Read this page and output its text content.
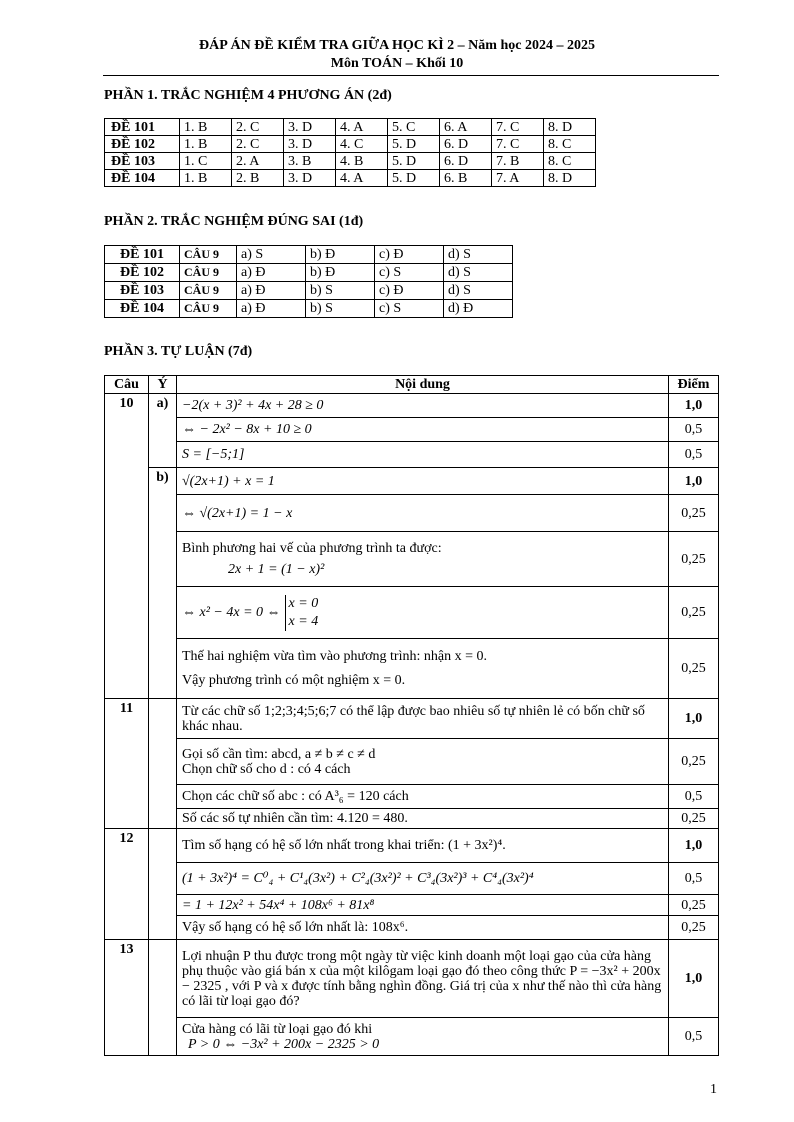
ĐÁP ÁN ĐỀ KIỂM TRA GIỮA HỌC KÌ 2 – Năm học 2024 – 2025
Môn TOÁN – Khối 10
PHẦN 1. TRẮC NGHIỆM 4 PHƯƠNG ÁN (2đ)
ĐỀ 101	1. B	2. C	3. D	4. A	5. C	6. A	7. C	8. D
ĐỀ 102	1. B	2. C	3. D	4. C	5. D	6. D	7. C	8. C
ĐỀ 103	1. C	2. A	3. B	4. B	5. D	6. D	7. B	8. C
ĐỀ 104	1. B	2. B	3. D	4. A	5. D	6. B	7. A	8. D
PHẦN 2. TRẮC NGHIỆM ĐÚNG SAI (1đ)
ĐỀ 101	CÂU 9	a) S	b) Đ	c) Đ	d) S
ĐỀ 102	CÂU 9	a) Đ	b) Đ	c) S	d) S
ĐỀ 103	CÂU 9	a) Đ	b) S	c) Đ	d) S
ĐỀ 104	CÂU 9	a) Đ	b) S	c) S	d) Đ
PHẦN 3. TỰ LUẬN (7đ)
Câu	Ý	Nội dung	Điểm
10	a)	−2(x + 3)² + 4x + 28 ≥ 0	1,0
		⇔ − 2x² − 8x + 10 ≥ 0	0,5
		S = [−5;1]	0,5
	b)	√(2x+1) + x = 1	1,0
		⇔ √(2x+1) = 1 − x	0,25

		Bình phương hai vế của phương trình ta được:
2x + 1 = (1 − x)²	0,25

		⇔ x² − 4x = 0 ⇔
x = 0
x = 4	0,25

		Thế hai nghiệm vừa tìm vào phương trình: nhận x = 0.
Vậy phương trình có một nghiệm x = 0.	0,25
11		Từ các chữ số 1;2;3;4;5;6;7 có thể lập được bao nhiêu số tự nhiên lẻ có bốn chữ số khác nhau.	1,0

		Gọi số cần tìm: abcd, a ≠ b ≠ c ≠ d
Chọn chữ số cho d : có 4 cách	0,25
		Chọn các chữ số abc : có A³₆ = 120 cách	0,5
		Số các số tự nhiên cần tìm: 4.120 = 480.	0,25
12		Tìm số hạng có hệ số lớn nhất trong khai triển: (1 + 3x²)⁴.	1,0
		(1 + 3x²)⁴ = C⁰₄ + C¹₄(3x²) + C²₄(3x²)² + C³₄(3x²)³ + C⁴₄(3x²)⁴	0,5
		= 1 + 12x² + 54x⁴ + 108x⁶ + 81x⁸	0,25
		Vậy số hạng có hệ số lớn nhất là: 108x⁶.	0,25
13		Lợi nhuận P thu được trong một ngày từ việc kinh doanh một loại gạo của cửa hàng phụ thuộc vào giá bán x của một kilôgam loại gạo đó theo công thức P = −3x² + 200x − 2325 , với P và x được tính bằng nghìn đồng. Giá trị của x như thế nào thì cửa hàng có lãi từ loại gạo đó?	1,0

		Cửa hàng có lãi từ loại gạo đó khi
P > 0 ⇔ −3x² + 200x − 2325 > 0	0,5
1
